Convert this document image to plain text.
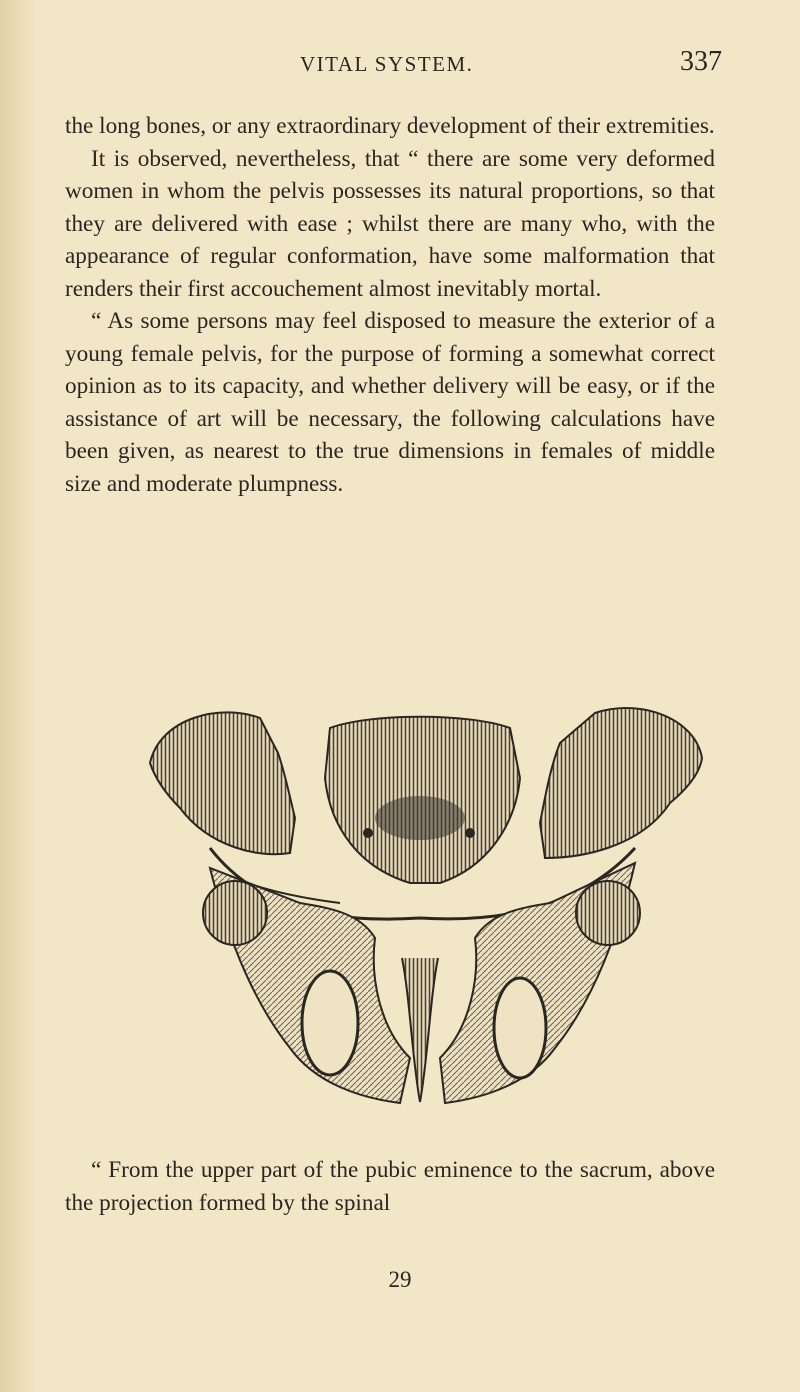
VITAL SYSTEM.	337

the long bones, or any extraordinary development of their extremities.

It is observed, nevertheless, that “ there are some very deformed women in whom the pelvis possesses its natural proportions, so that they are delivered with ease ; whilst there are many who, with the appearance of regular conformation, have some malformation that renders their first accouchement almost inevitably mortal.

“ As some persons may feel disposed to measure the exterior of a young female pelvis, for the purpose of forming a somewhat correct opinion as to its capacity, and whether delivery will be easy, or if the assistance of art will be necessary, the following calculations have been given, as nearest to the true dimensions in females of middle size and moderate plumpness.

“ From the upper part of the pubic eminence to the sacrum, above the projection formed by the spinal

29
